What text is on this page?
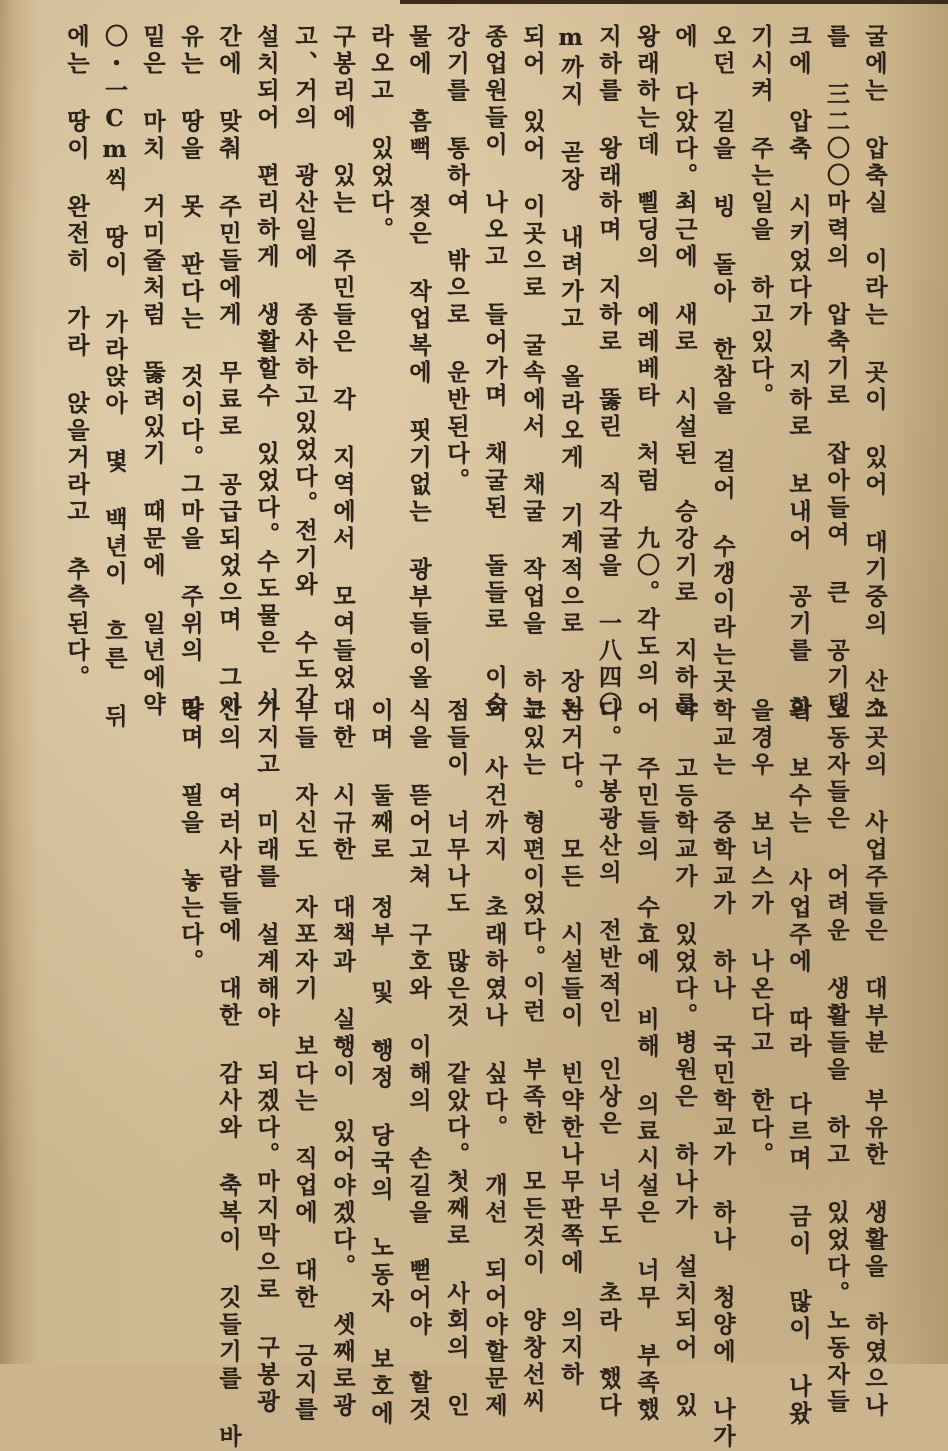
굴에는 압축실 이라는 곳이 있어 대기중의 산소
를 三二〇〇마력의 압축기로 잡아들여 큰 공기탱
크에 압축 시키었다가 지하로 보내어 공기를 환
기시켜 주는일을 하고있다。
오던 길을 빙 돌아 한참을 걸어 수갱이라는곳
에 다았다。최근에 새로 시설된 승강기로 지하를
왕래하는데 삘딩의 에레베타 처럼 九〇。각도의
지하를 왕래하며 지하로 뚫린 직각굴을 一八四〇
m까지 곧장 내려가고 올라오게 기계적으로 장치
되어 있어 이곳으로 굴속에서 채굴 작업을 하는
종업원들이 나오고 들어가며 채굴된 돌들로 이승
강기를 통하여 밖으로 운반된다。
물에 흠뻑 젖은 작업복에 핏기없는 광부들이올
라오고 있었다。
구봉리에 있는 주민들은 각 지역에서 모여들었
고、거의 광산일에 종사하고있었다。전기와 수도가
설치되어 편리하게 생활할수 있었다。수도물은 시
간에 맞춰 주민들에게 무료로 공급되었으며 그이
유는 땅을 못 판다는 것이다。그마을 주위의 땅
밑은 마치 거미줄처럼 뚫려있기 때문에 일년에약
〇・一Cm씩 땅이 가라앉아 몇 백년이 흐른 뒤
에는 땅이 완전히 가라 앉을거라고 추측된다。
그곳의 사업주들은 대부분 부유한 생활을 하였으나
노동자들은 어려운 생활들을 하고 있었다。노동자들
의 보수는 사업주에 따라 다르며 금이 많이 나왔
을경우 보너스가 나온다고 한다。
학교는 중학교가 하나 국민학교가 하나 청양에 나가
야 고등학교가 있었다。병원은 하나가 설치되어 있
어 주민들의 수효에 비해 의료시설은 너무 부족했
다。구봉광산의 전반적인 인상은 너무도 초라 했다
는거다。 모든 시설들이 빈약한나무판쪽에 의지하
고있는 형편이었다。이런 부족한 모든것이 양창선씨
의 사건까지 초래하였나 싶다。 개선 되어야할문제
점들이 너무나도 많은것 같았다。첫째로 사회의 인
식을 뜯어고쳐 구호와 이해의 손길을 뻗어야 할것
이며 둘째로 정부 및 행정 당국의 노동자 보호에
대한 시규한 대책과 실행이 있어야겠다。 셋째로광
부들 자신도 자포자기 보다는 직업에 대한 긍지를
가지고 미래를 설계해야 되겠다。마지막으로 구봉광
산의 여러사람들에 대한 감사와 축복이 깃들기를 바
라며 필을 놓는다。
